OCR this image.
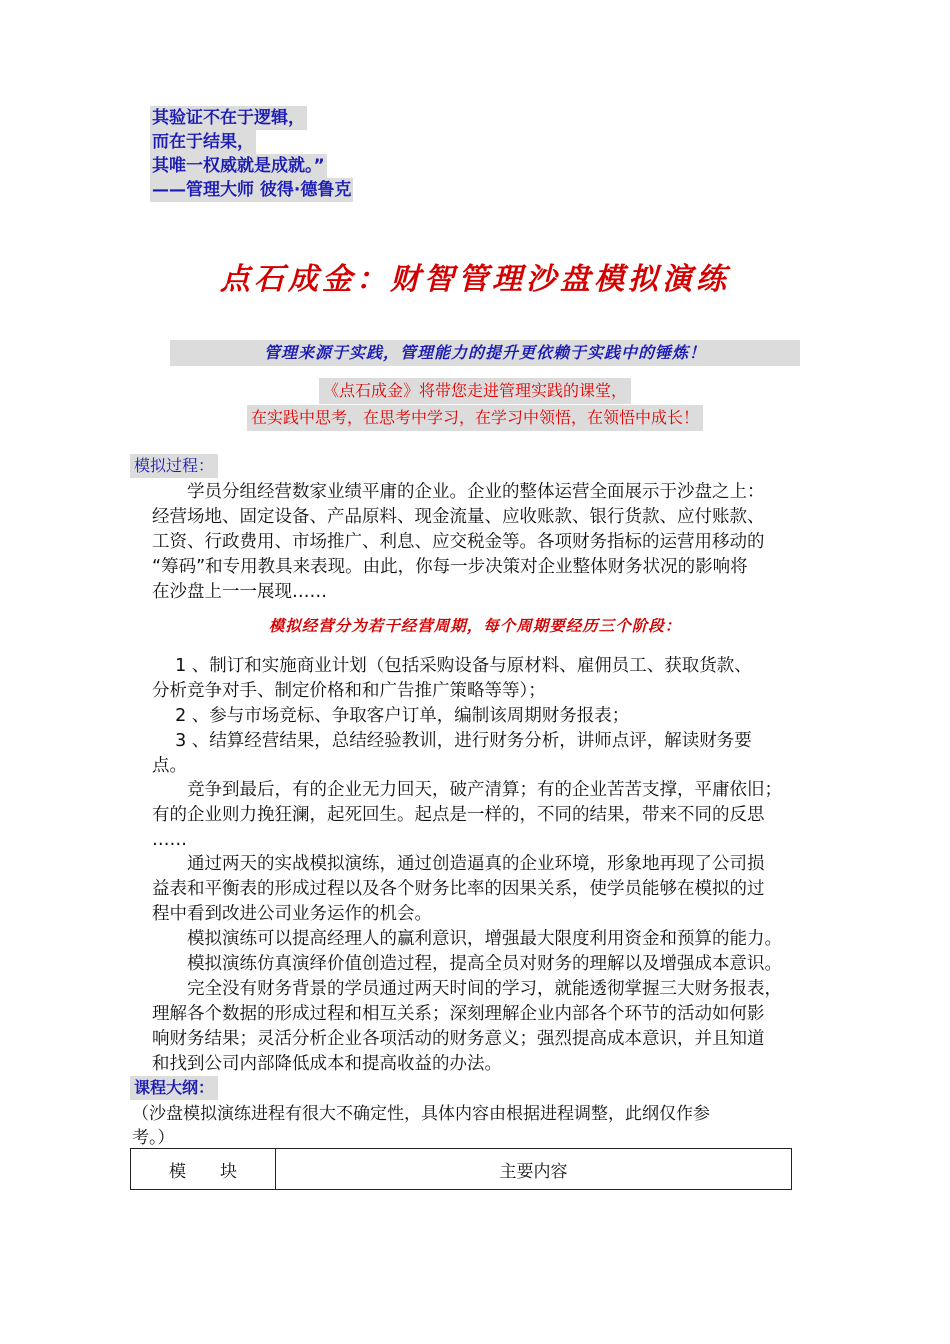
其验证不在于逻辑，
而在于结果，
其唯一权威就是成就。”
——管理大师 彼得·德鲁克
点石成金：财智管理沙盘模拟演练
管理来源于实践，管理能力的提升更依赖于实践中的锤炼！
《点石成金》将带您走进管理实践的课堂，
在实践中思考，在思考中学习，在学习中领悟，在领悟中成长！
模拟过程：
　　学员分组经营数家业绩平庸的企业。企业的整体运营全面展示于沙盘之上：
经营场地、固定设备、产品原料、现金流量、应收账款、银行货款、应付账款、
工资、行政费用、市场推广、利息、应交税金等。各项财务指标的运营用移动的
“筹码”和专用教具来表现。由此，你每一步决策对企业整体财务状况的影响将
在沙盘上一一展现……
模拟经营分为若干经营周期，每个周期要经历三个阶段：
　 1 、制订和实施商业计划（包括采购设备与原材料、雇佣员工、获取货款、
分析竞争对手、制定价格和和广告推广策略等等）；
　 2 、参与市场竞标、争取客户订单，编制该周期财务报表；
　 3 、结算经营结果，总结经验教训，进行财务分析，讲师点评，解读财务要
点。
　　竞争到最后，有的企业无力回天，破产清算；有的企业苦苦支撑，平庸依旧；
有的企业则力挽狂澜，起死回生。起点是一样的，不同的结果，带来不同的反思
……
　　通过两天的实战模拟演练，通过创造逼真的企业环境，形象地再现了公司损
益表和平衡表的形成过程以及各个财务比率的因果关系，使学员能够在模拟的过
程中看到改进公司业务运作的机会。
　　模拟演练可以提高经理人的赢利意识，增强最大限度利用资金和预算的能力。
　　模拟演练仿真演绎价值创造过程，提高全员对财务的理解以及增强成本意识。
　　完全没有财务背景的学员通过两天时间的学习，就能透彻掌握三大财务报表，
理解各个数据的形成过程和相互关系；深刻理解企业内部各个环节的活动如何影
响财务结果；灵活分析企业各项活动的财务意义；强烈提高成本意识，并且知道
和找到公司内部降低成本和提高收益的办法。
课程大纲：
（沙盘模拟演练进程有很大不确定性，具体内容由根据进程调整，此纲仅作参
考。）
模　　块	主要内容
